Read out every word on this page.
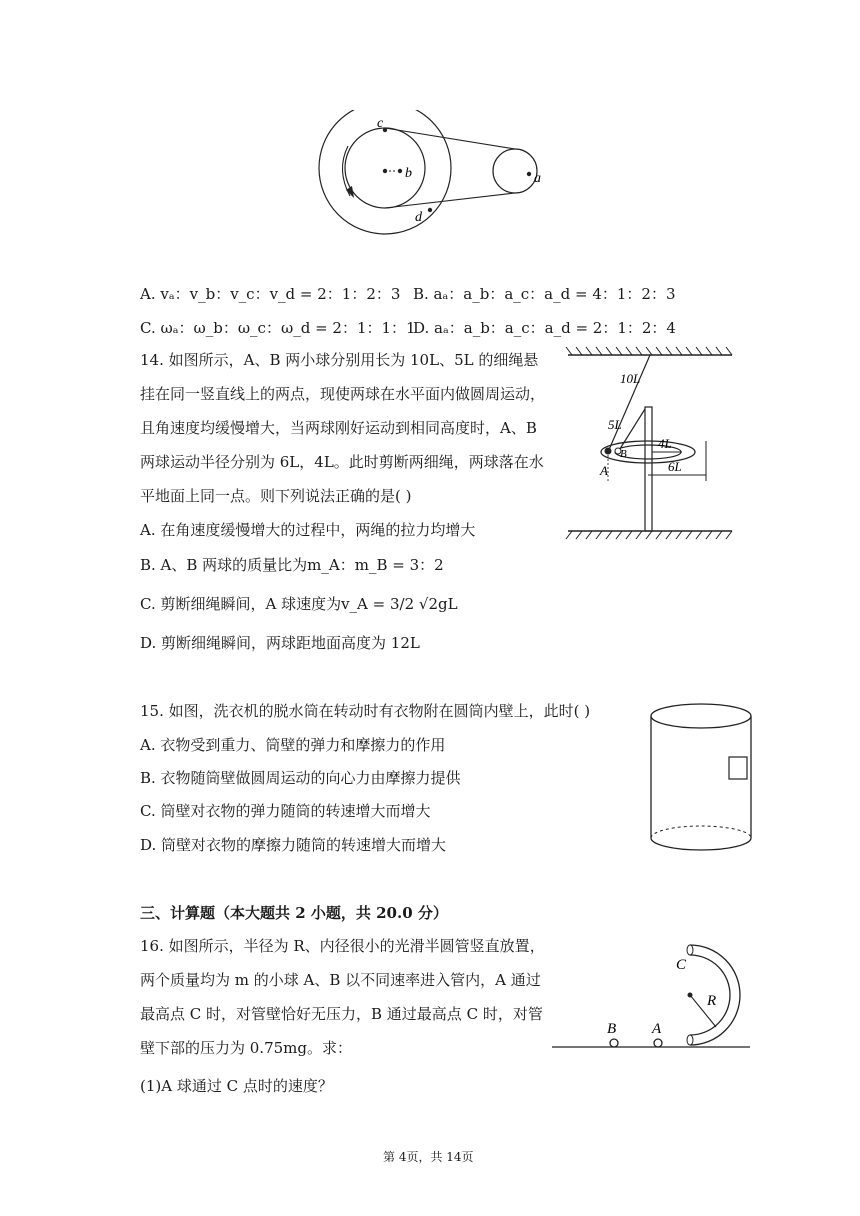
c
b	a
d
A. vₐ：v_b：v_c：v_d = 2：1：2：3 B. aₐ：a_b：a_c：a_d = 4：1：2：3
C. ωₐ：ω_b：ω_c：ω_d = 2：1：1：1
D. aₐ：a_b：a_c：a_d = 2：1：2：4
14. 如图所示，A、B 两小球分别用长为 10L、5L 的细绳悬
挂在同一竖直线上的两点，现使两球在水平面内做圆周运动，
且角速度均缓慢增大，当两球刚好运动到相同高度时，A、B
两球运动半径分别为 6L，4L。此时剪断两细绳，两球落在水
平地面上同一点。则下列说法正确的是( )
A. 在角速度缓慢增大的过程中，两绳的拉力均增大
B. A、B 两球的质量比为m_A：m_B = 3：2
C. 剪断细绳瞬间，A 球速度为v_A = 3/2 √2gL
D. 剪断细绳瞬间，两球距地面高度为 12L
10L
5L
4L
6L
A
B
15. 如图，洗衣机的脱水筒在转动时有衣物附在圆筒内壁上，此时( )
A. 衣物受到重力、筒壁的弹力和摩擦力的作用
B. 衣物随筒壁做圆周运动的向心力由摩擦力提供
C. 筒壁对衣物的弹力随筒的转速增大而增大
D. 筒壁对衣物的摩擦力随筒的转速增大而增大
三、计算题（本大题共 2 小题，共 20.0 分）
16. 如图所示，半径为 R、内径很小的光滑半圆管竖直放置，
两个质量均为 m 的小球 A、B 以不同速率进入管内，A 通过
最高点 C 时，对管壁恰好无压力，B 通过最高点 C 时，对管
壁下部的压力为 0.75mg。求：
(1)A 球通过 C 点时的速度？
C
R
B A
第 4页，共 14页
